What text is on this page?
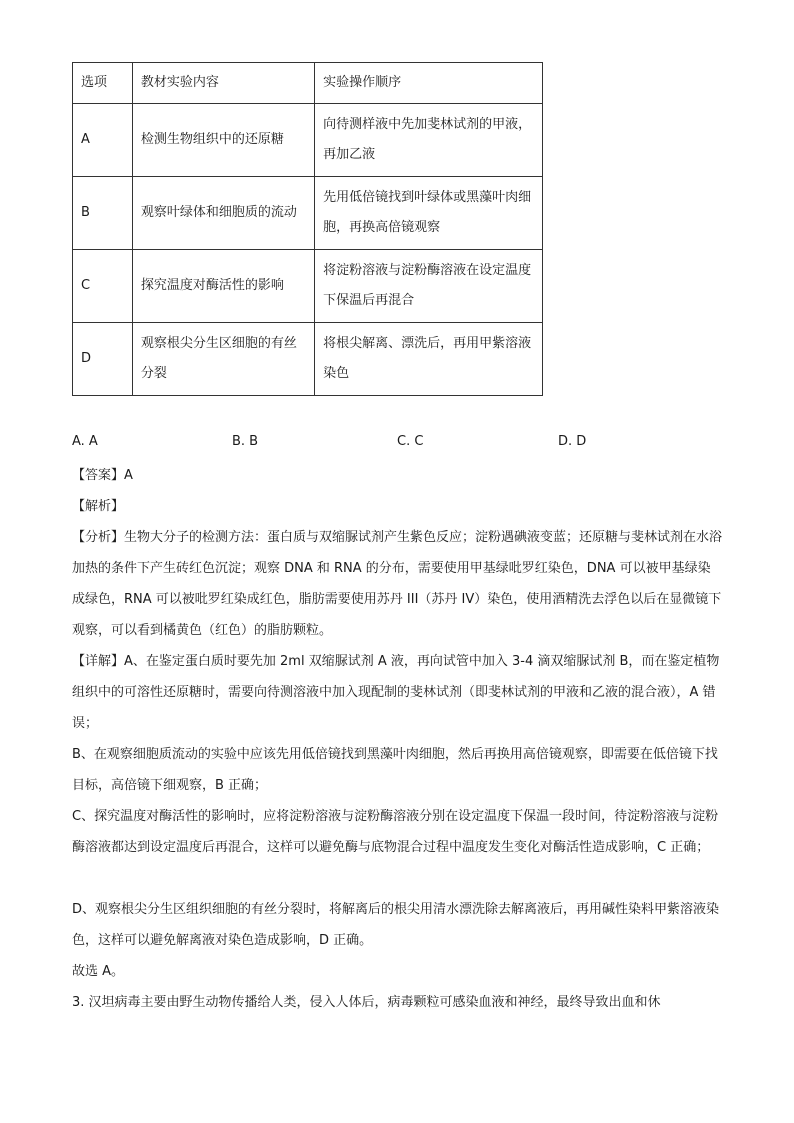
选项	教材实验内容	实验操作顺序
A	检测生物组织中的还原糖	向待测样液中先加斐林试剂的甲液，再加乙液
B	观察叶绿体和细胞质的流动	先用低倍镜找到叶绿体或黑藻叶肉细胞，再换高倍镜观察
C	探究温度对酶活性的影响	将淀粉溶液与淀粉酶溶液在设定温度下保温后再混合
D	观察根尖分生区细胞的有丝分裂	将根尖解离、漂洗后，再用甲紫溶液染色
A. A	B. B	C. C	D. D
【答案】A
【解析】
【分析】生物大分子的检测方法：蛋白质与双缩脲试剂产生紫色反应；淀粉遇碘液变蓝；还原糖与斐林试剂在水浴加热的条件下产生砖红色沉淀；观察 DNA 和 RNA 的分布，需要使用甲基绿吡罗红染色，DNA 可以被甲基绿染成绿色，RNA 可以被吡罗红染成红色，脂肪需要使用苏丹 III（苏丹 IV）染色，使用酒精洗去浮色以后在显微镜下观察，可以看到橘黄色（红色）的脂肪颗粒。
【详解】A、在鉴定蛋白质时要先加 2ml 双缩脲试剂 A 液，再向试管中加入 3-4 滴双缩脲试剂 B，而在鉴定植物组织中的可溶性还原糖时，需要向待测溶液中加入现配制的斐林试剂（即斐林试剂的甲液和乙液的混合液），A 错误；
B、在观察细胞质流动的实验中应该先用低倍镜找到黑藻叶肉细胞，然后再换用高倍镜观察，即需要在低倍镜下找目标，高倍镜下细观察，B 正确；
C、探究温度对酶活性的影响时，应将淀粉溶液与淀粉酶溶液分别在设定温度下保温一段时间，待淀粉溶液与淀粉酶溶液都达到设定温度后再混合，这样可以避免酶与底物混合过程中温度发生变化对酶活性造成影响，C 正确；
D、观察根尖分生区组织细胞的有丝分裂时，将解离后的根尖用清水漂洗除去解离液后，再用碱性染料甲紫溶液染色，这样可以避免解离液对染色造成影响，D 正确。
故选 A。
3. 汉坦病毒主要由野生动物传播给人类，侵入人体后，病毒颗粒可感染血液和神经，最终导致出血和休
